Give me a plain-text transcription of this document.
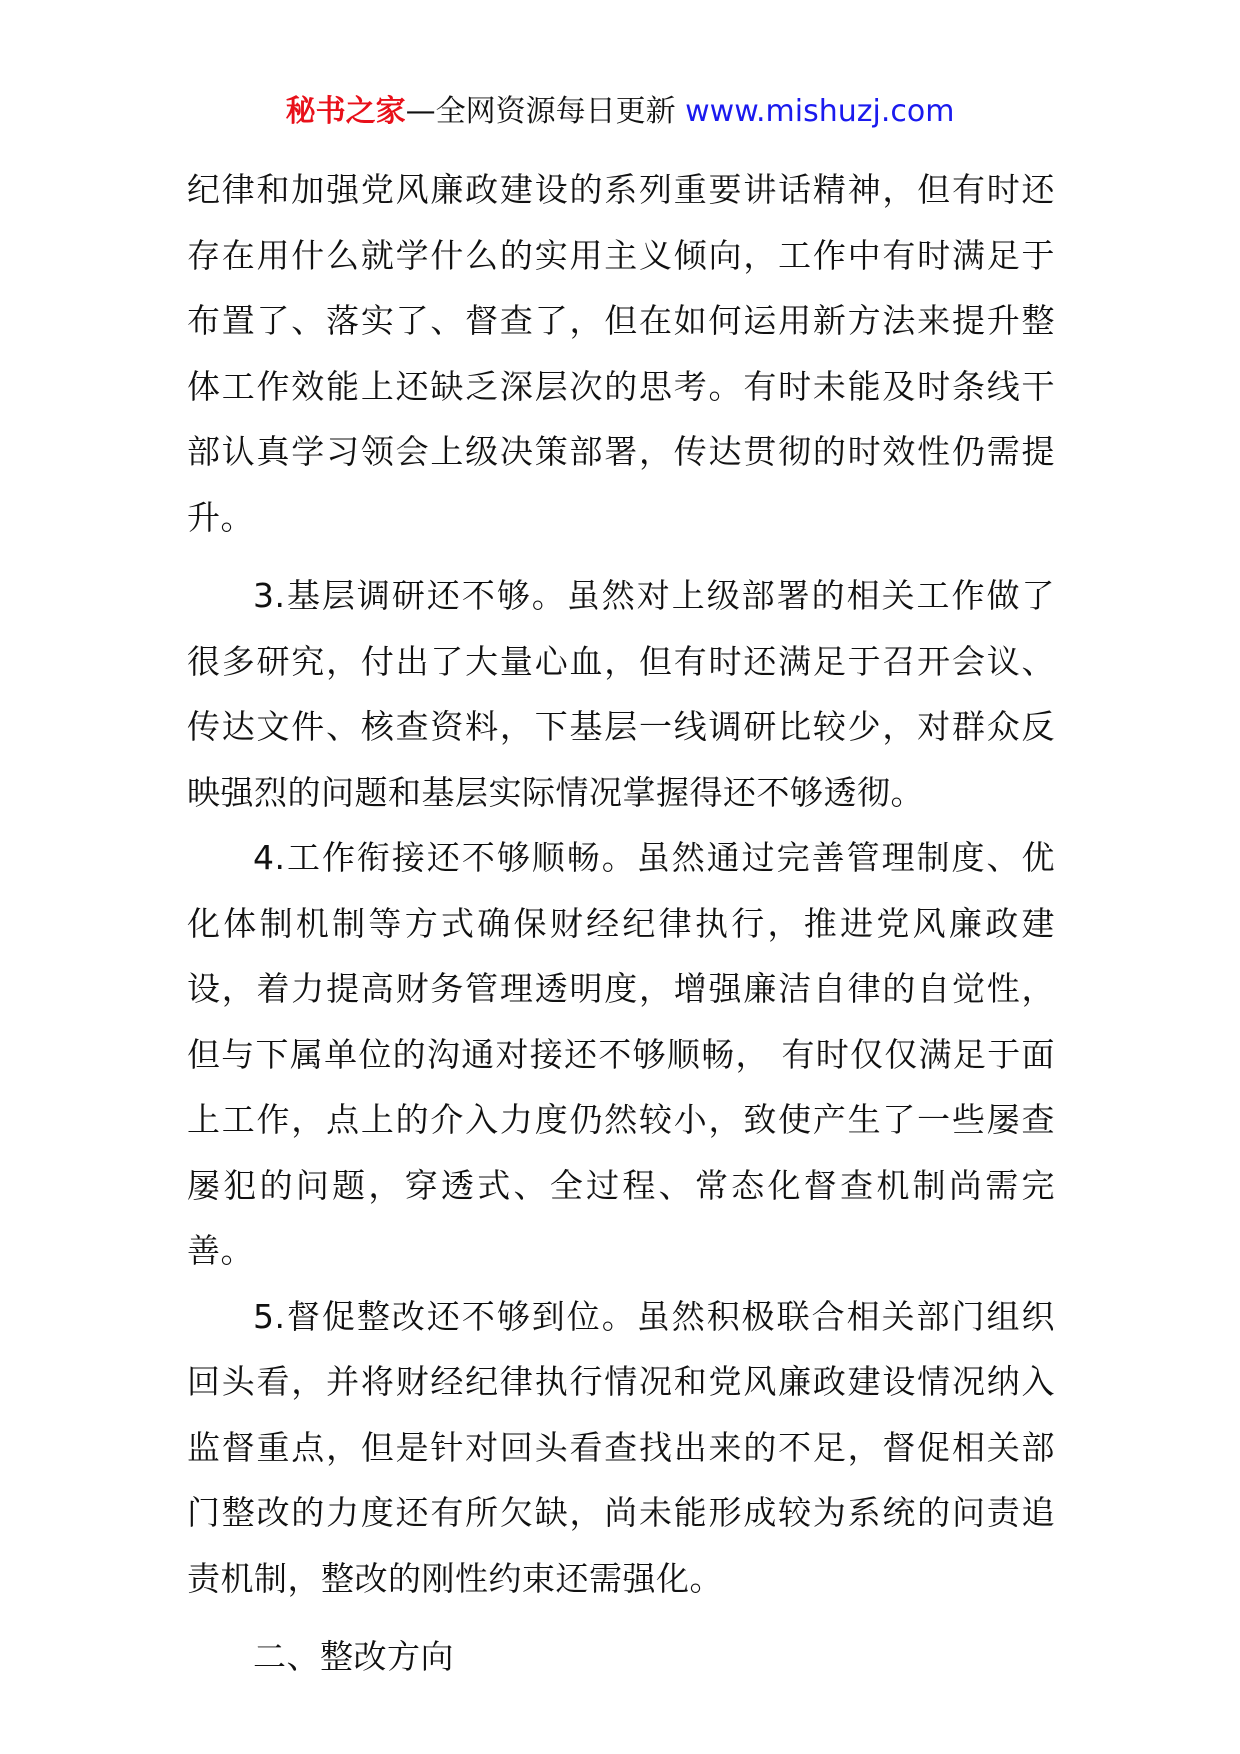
秘书之家—全网资源每日更新 www.mishuzj.com

纪律和加强党风廉政建设的系列重要讲话精神，但有时还存在用什么就学什么的实用主义倾向，工作中有时满足于布置了、落实了、督查了，但在如何运用新方法来提升整体工作效能上还缺乏深层次的思考。有时未能及时条线干部认真学习领会上级决策部署，传达贯彻的时效性仍需提升。

3.基层调研还不够。虽然对上级部署的相关工作做了很多研究，付出了大量心血，但有时还满足于召开会议、传达文件、核查资料，下基层一线调研比较少，对群众反映强烈的问题和基层实际情况掌握得还不够透彻。

4.工作衔接还不够顺畅。虽然通过完善管理制度、优化体制机制等方式确保财经纪律执行，推进党风廉政建设，着力提高财务管理透明度，增强廉洁自律的自觉性，但与下属单位的沟通对接还不够顺畅， 有时仅仅满足于面上工作，点上的介入力度仍然较小，致使产生了一些屡查屡犯的问题，穿透式、全过程、常态化督查机制尚需完善。

5.督促整改还不够到位。虽然积极联合相关部门组织回头看，并将财经纪律执行情况和党风廉政建设情况纳入监督重点，但是针对回头看查找出来的不足，督促相关部门整改的力度还有所欠缺，尚未能形成较为系统的问责追责机制，整改的刚性约束还需强化。

二、整改方向
